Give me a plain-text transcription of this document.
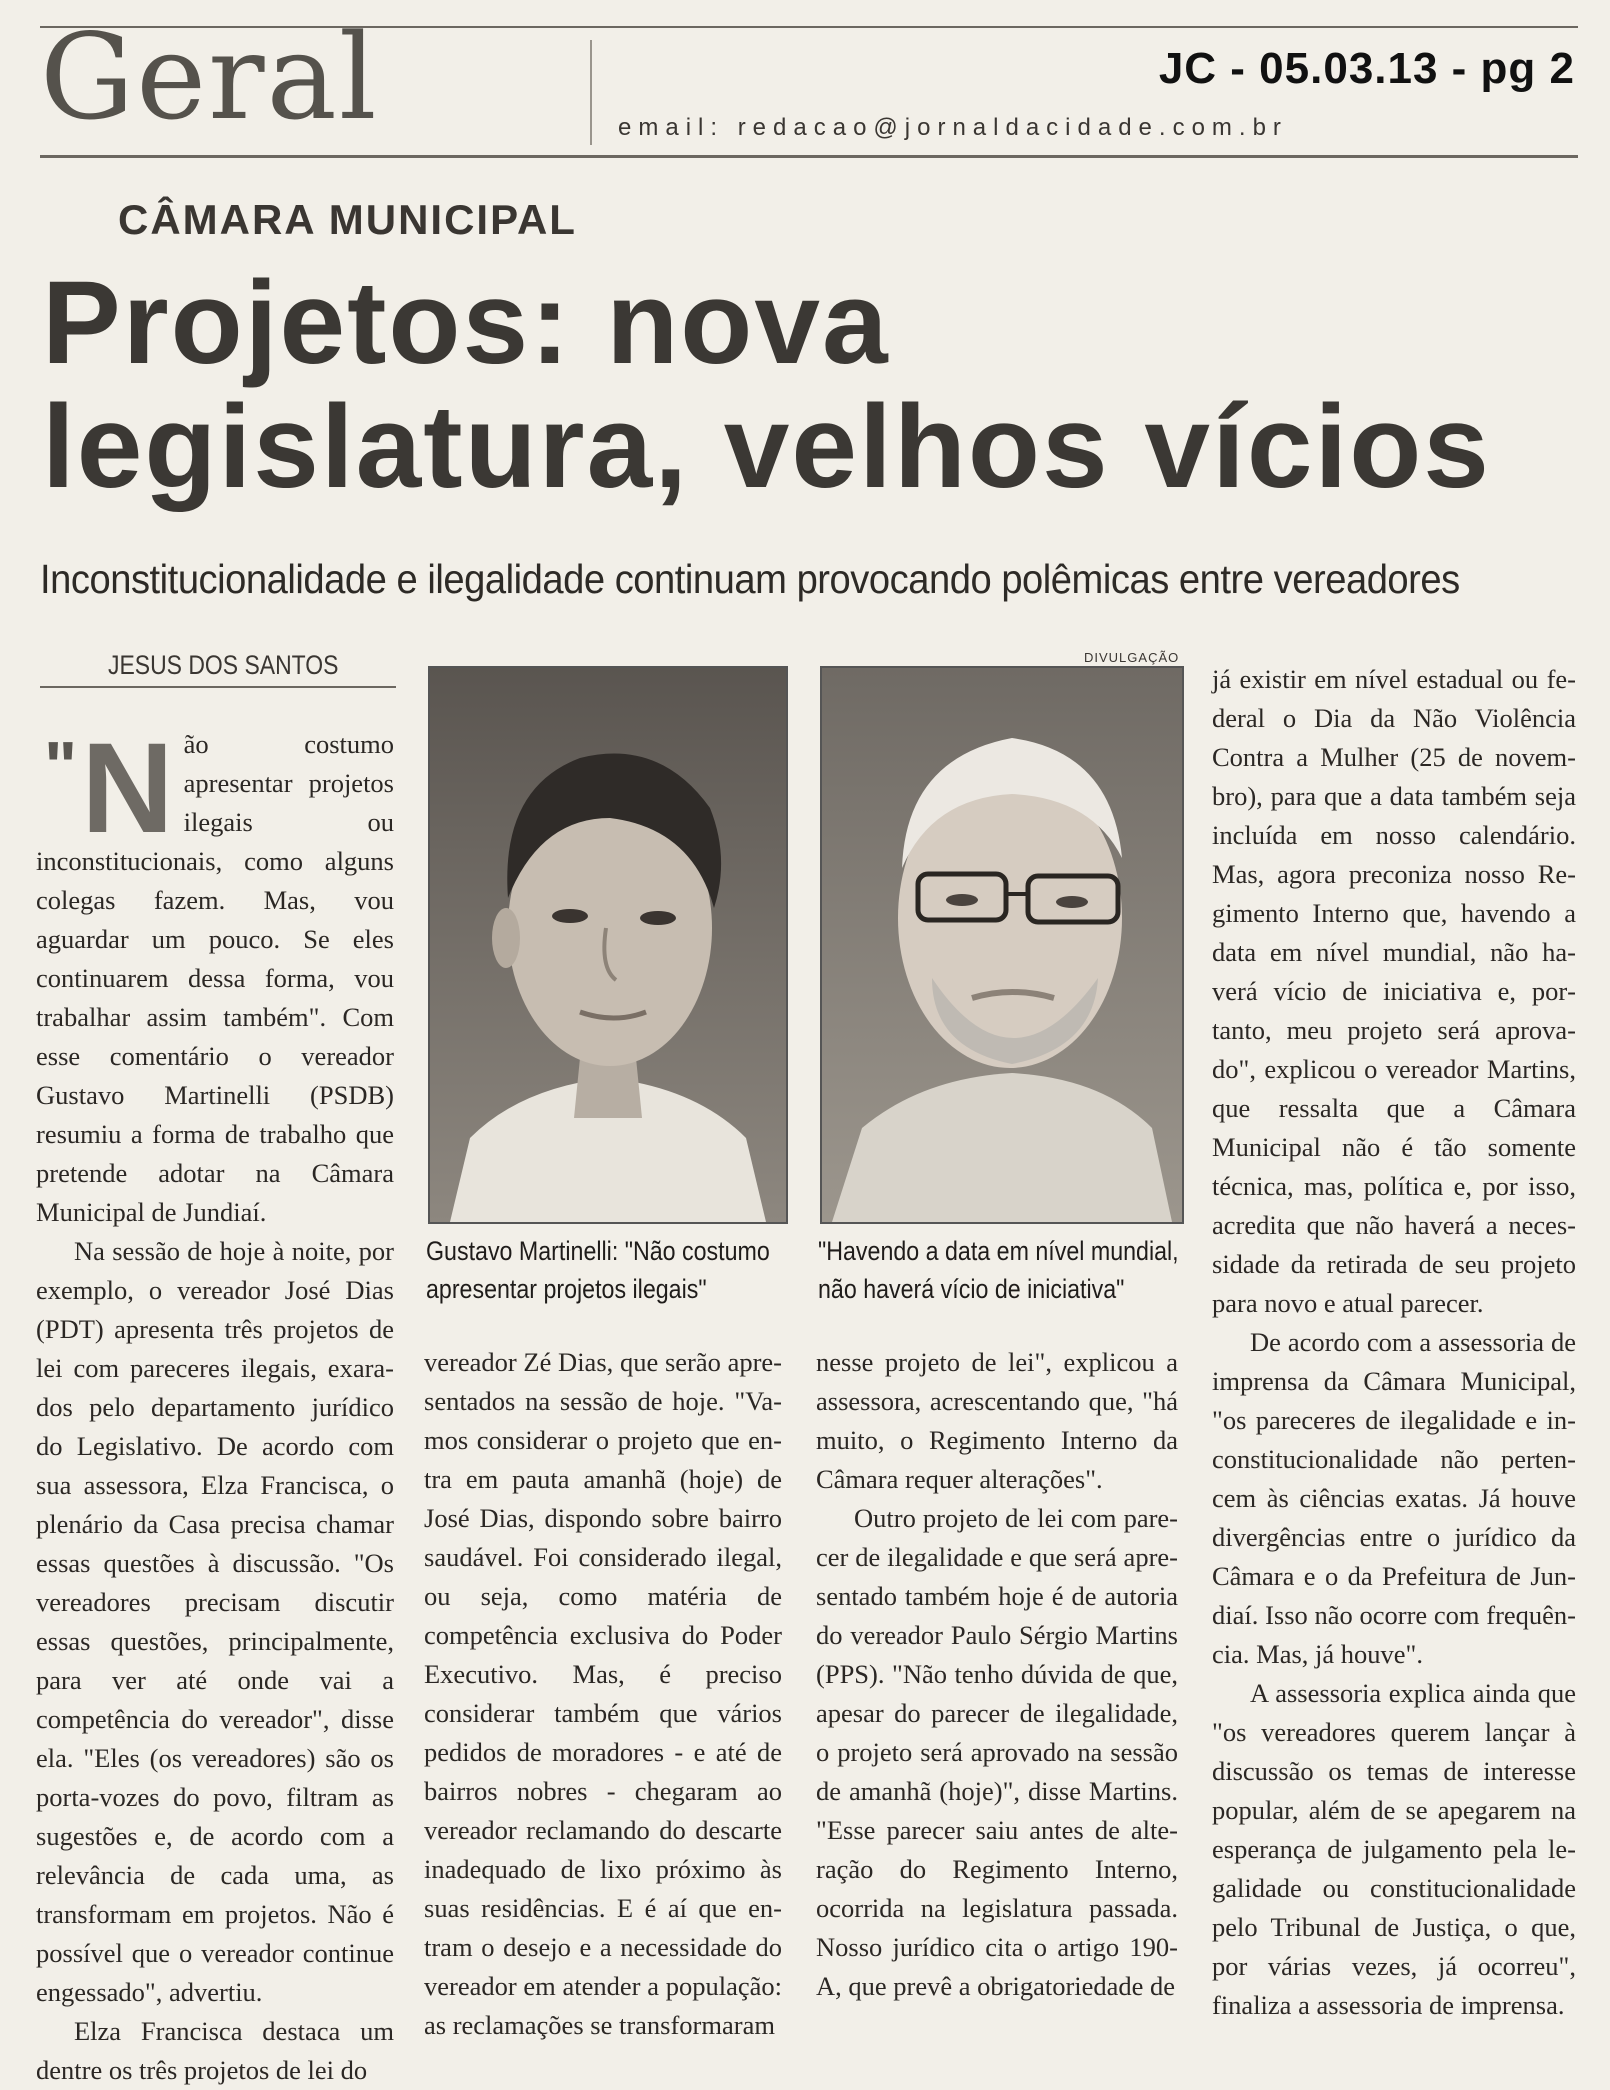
Geral	JC - 05.03.13 - pg 2
email: redacao@jornaldacidade.com.br
CÂMARA MUNICIPAL
Projetos: nova
legislatura, velhos vícios
Inconstitucionalidade e ilegalidade continuam provocando polêmicas entre vereadores
JESUS DOS SANTOS

" N ão costumo apresentar projetos ilegais ou inconstitucionais, como alguns colegas fazem. Mas, vou aguardar um pouco. Se eles continuarem dessa forma, vou trabalhar assim também". Com esse comentário o vereador Gustavo Martinelli (PSDB) resumiu a forma de trabalho que pretende adotar na Câmara Municipal de Jundiaí.

Na sessão de hoje à noite, por exemplo, o vereador José Dias (PDT) apresenta três projetos de lei com pareceres ilegais, exarados pelo departamento jurídico do Legislativo. De acordo com sua assessora, Elza Francisca, o plenário da Casa precisa chamar essas questões à discussão. "Os vereadores precisam discutir essas questões, principalmente, para ver até onde vai a competência do vereador", disse ela. "Eles (os vereadores) são os porta-vozes do povo, filtram as sugestões e, de acordo com a relevância de cada uma, as transformam em projetos. Não é possível que o vereador continue engessado", advertiu.

Elza Francisca destaca um dentre os três projetos de lei do

DIVULGAÇÃO
Gustavo Martinelli: "Não costumo apresentar projetos ilegais"
"Havendo a data em nível mundial, não haverá vício de iniciativa"

vereador Zé Dias, que serão apresentados na sessão de hoje. "Vamos considerar o projeto que entra em pauta amanhã (hoje) de José Dias, dispondo sobre bairro saudável. Foi considerado ilegal, ou seja, como matéria de competência exclusiva do Poder Executivo. Mas, é preciso considerar também que vários pedidos de moradores - e até de bairros nobres - chegaram ao vereador reclamando do descarte inadequado de lixo próximo às suas residências. E é aí que entram o desejo e a necessidade do vereador em atender a população: as reclamações se transformaram

nesse projeto de lei", explicou a assessora, acrescentando que, "há muito, o Regimento Interno da Câmara requer alterações".

Outro projeto de lei com parecer de ilegalidade e que será apresentado também hoje é de autoria do vereador Paulo Sérgio Martins (PPS). "Não tenho dúvida de que, apesar do parecer de ilegalidade, o projeto será aprovado na sessão de amanhã (hoje)", disse Martins. "Esse parecer saiu antes de alteração do Regimento Interno, ocorrida na legislatura passada. Nosso jurídico cita o artigo 190-A, que prevê a obrigatoriedade de

já existir em nível estadual ou federal o Dia da Não Violência Contra a Mulher (25 de novembro), para que a data também seja incluída em nosso calendário. Mas, agora preconiza nosso Regimento Interno que, havendo a data em nível mundial, não haverá vício de iniciativa e, portanto, meu projeto será aprovado", explicou o vereador Martins, que ressalta que a Câmara Municipal não é tão somente técnica, mas, política e, por isso, acredita que não haverá a necessidade da retirada de seu projeto para novo e atual parecer.

De acordo com a assessoria de imprensa da Câmara Municipal, "os pareceres de ilegalidade e inconstitucionalidade não pertencem às ciências exatas. Já houve divergências entre o jurídico da Câmara e o da Prefeitura de Jundiaí. Isso não ocorre com frequência. Mas, já houve".

A assessoria explica ainda que "os vereadores querem lançar à discussão os temas de interesse popular, além de se apegarem na esperança de julgamento pela legalidade ou constitucionalidade pelo Tribunal de Justiça, o que, por várias vezes, já ocorreu", finaliza a assessoria de imprensa.
